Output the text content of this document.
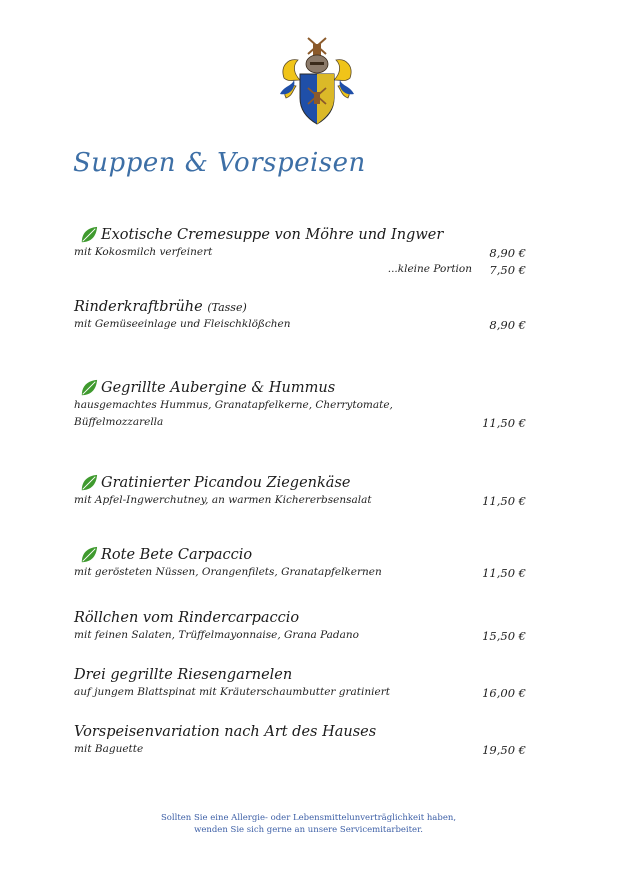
Suppen & Vorspeisen
Exotische Cremesuppe von Möhre und Ingwer
mit Kokosmilch verfeinert	8,90 €
...kleine Portion 7,50 €
Rinderkraftbrühe (Tasse)
mit Gemüseeinlage und Fleischklößchen	8,90 €
Gegrillte Aubergine & Hummus
hausgemachtes Hummus, Granatapfelkerne, Cherrytomate,
Büffelmozzarella	11,50 €
Gratinierter Picandou Ziegenkäse
mit Apfel-Ingwerchutney, an warmen Kichererbsensalat	11,50 €
Rote Bete Carpaccio
mit gerösteten Nüssen, Orangenfilets, Granatapfelkernen	11,50 €
Röllchen vom Rindercarpaccio
mit feinen Salaten, Trüffelmayonnaise, Grana Padano	15,50 €
Drei gegrillte Riesengarnelen
auf jungem Blattspinat mit Kräuterschaumbutter gratiniert	16,00 €
Vorspeisenvariation nach Art des Hauses
mit Baguette	19,50 €
Sollten Sie eine Allergie- oder Lebensmittelunverträglichkeit haben,
wenden Sie sich gerne an unsere Servicemitarbeiter.
